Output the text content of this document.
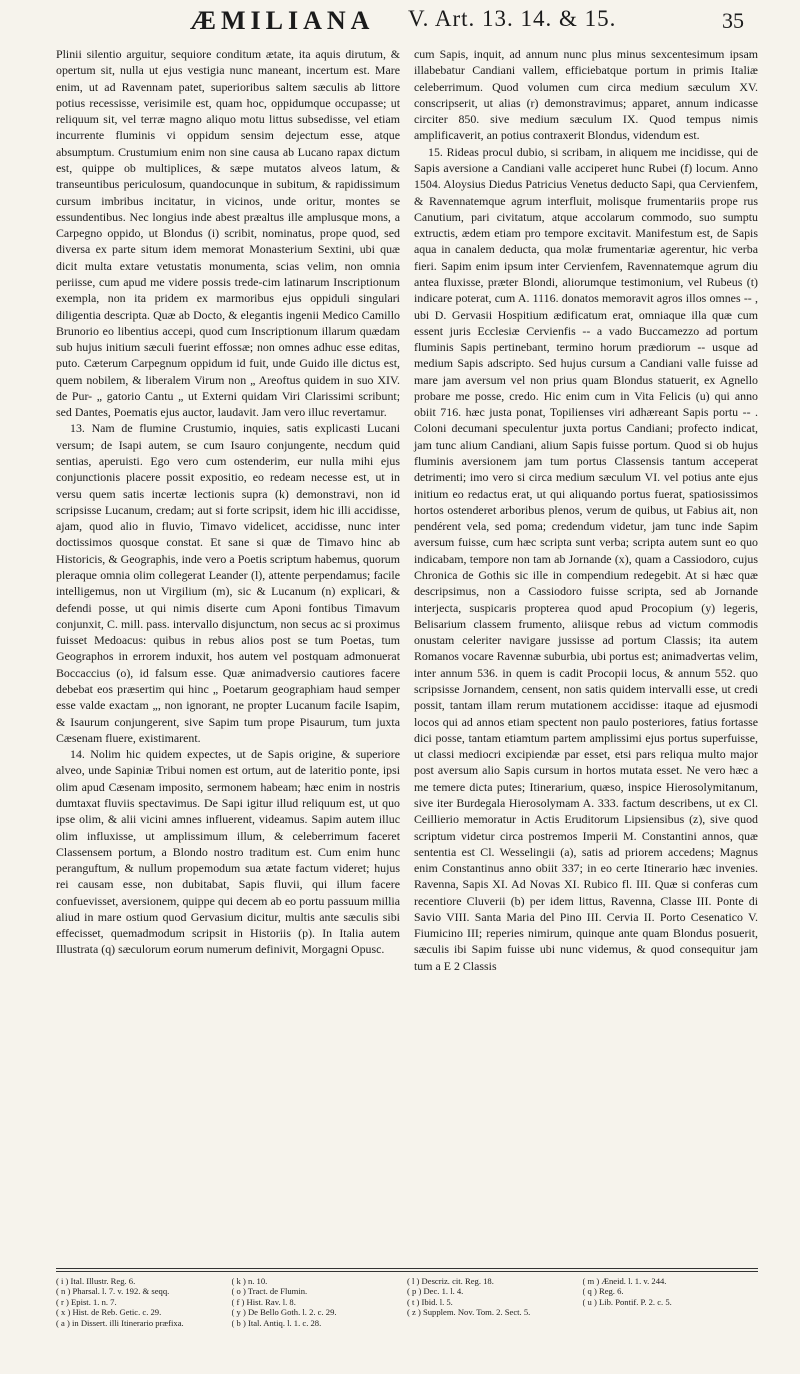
ÆMILIANA V. Art. 13. 14. & 15.	35

Plinii silentio arguitur, sequiore conditum ætate, ita aquis dirutum, & opertum sit, nulla ut ejus vestigia nunc maneant, incertum est. Mare enim, ut ad Ravennam patet, superioribus saltem sæculis ab littore potius recessisse, verisimile est, quam hoc, oppidumque occupasse; ut reliquum sit, vel terræ magno aliquo motu littus subsedisse, vel etiam incurrente fluminis vi oppidum sensim dejectum esse, atque absumptum. Crustumium enim non sine causa ab Lucano rapax dictum est, quippe ob multiplices, & sæpe mutatos alveos latum, & transeuntibus periculosum, quandocunque in subitum, & rapidissimum cursum imbribus incitatur, in vicinos, unde oritur, montes se essundentibus. Nec longius inde abest præaltus ille amplusque mons, a Carpegno oppido, ut Blondus (i) scribit, nominatus, prope quod, sed diversa ex parte situm idem memorat Monasterium Sextini, ubi quæ dicit multa extare vetustatis monumenta, scias velim, non omnia periisse, cum apud me videre possis trede-cim latinarum Inscriptionum exempla, non ita pridem ex marmoribus ejus oppiduli singulari diligentia descripta. Quæ ab Docto, & elegantis ingenii Medico Camillo Brunorio eo libentius accepi, quod cum Inscriptionum illarum quædam sub hujus initium sæculi fuerint effossæ; non omnes adhuc esse editas, puto. Cæterum Carpegnum oppidum id fuit, unde Guido ille dictus est, quem nobilem, & liberalem Virum non „ Areoftus quidem in suo XIV. de Pur- „ gatorio Cantu „ ut Externi quidam Viri Clarissimi scribunt; sed Dantes, Poematis ejus auctor, laudavit. Jam vero illuc revertamur.

13. Nam de flumine Crustumio, inquies, satis explicasti Lucani versum; de Isapi autem, se cum Isauro conjungente, necdum quid sentias, aperuisti. Ego vero cum ostenderim, eur nulla mihi ejus conjunctionis placere possit expositio, eo redeam necesse est, ut in versu quem satis incertæ lectionis supra (k) demonstravi, non id scripsisse Lucanum, credam; aut si forte scripsit, idem hic illi accidisse, ajam, quod alio in fluvio, Timavo videlicet, accidisse, nunc inter doctissimos quosque constat. Et sane si quæ de Timavo hinc ab Historicis, & Geographis, inde vero a Poetis scriptum habemus, quorum pleraque omnia olim collegerat Leander (l), attente perpendamus; facile intelligemus, non ut Virgilium (m), sic & Lucanum (n) explicari, & defendi posse, ut qui nimis diserte cum Aponi fontibus Timavum conjunxit, C. mill. pass. intervallo disjunctum, non secus ac si proximus fuisset Medoacus: quibus in rebus alios post se tum Poetas, tum Geographos in errorem induxit, hos autem vel postquam admonuerat Boccaccius (o), id falsum esse. Quæ animadversio cautiores facere debebat eos præsertim qui hinc „ Poetarum geographiam haud semper esse valde exactam „, non ignorant, ne propter Lucanum facile Isapim, & Isaurum conjungerent, sive Sapim tum prope Pisaurum, tum juxta Cæsenam fluere, existimarent.

14. Nolim hic quidem expectes, ut de Sapis origine, & superiore alveo, unde Sapiniæ Tribui nomen est ortum, aut de lateritio ponte, ipsi olim apud Cæsenam imposito, sermonem habeam; hæc enim in nostris dumtaxat fluviis spectavimus. De Sapi igitur illud reliquum est, ut quo ipse olim, & alii vicini amnes influerent, videamus. Sapim autem illuc olim influxisse, ut amplissimum illum, & celeberrimum faceret Classensem portum, a Blondo nostro traditum est. Cum enim hunc peranguftum, & nullum propemodum sua ætate factum videret; hujus rei causam esse, non dubitabat, Sapis fluvii, qui illum facere confuevisset, aversionem, quippe qui decem ab eo portu passuum millia aliud in mare ostium quod Gervasium dicitur, multis ante sæculis sibi effecisset, quemadmodum scripsit in Historiis (p). In Italia autem Illustrata (q) sæculorum eorum numerum definivit, Morgagni Opusc.

cum Sapis, inquit, ad annum nunc plus minus sexcentesimum ipsam illabebatur Candiani vallem, efficiebatque portum in primis Italiæ celeberrimum. Quod volumen cum circa medium sæculum XV. conscripserit, ut alias (r) demonstravimus; apparet, annum indicasse circiter 850. sive medium sæculum IX. Quod tempus nimis amplificaverit, an potius contraxerit Blondus, videndum est.

15. Rideas procul dubio, si scribam, in aliquem me incidisse, qui de Sapis aversione a Candiani valle acciperet hunc Rubei (f) locum. Anno 1504. Aloysius Diedus Patricius Venetus deducto Sapi, qua Cervienfem, & Ravennatemque agrum interfluit, molisque frumentariis prope rus Canutium, pari civitatum, atque accolarum commodo, suo sumptu extructis, ædem etiam pro tempore excitavit. Manifestum est, de Sapis aqua in canalem deducta, qua molæ frumentariæ agerentur, hic verba fieri. Sapim enim ipsum inter Cervienfem, Ravennatemque agrum diu antea fluxisse, præter Blondi, aliorumque testimonium, vel Rubeus (t) indicare poterat, cum A. 1116. donatos memoravit agros illos omnes -- , ubi D. Gervasii Hospitium ædificatum erat, omniaque illa quæ cum essent juris Ecclesiæ Cervienfis -- a vado Buccamezzo ad portum fluminis Sapis pertinebant, termino horum prædiorum -- usque ad medium Sapis adscripto. Sed hujus cursum a Candiani valle fuisse ad mare jam aversum vel non prius quam Blondus statuerit, ex Agnello probare me posse, credo. Hic enim cum in Vita Felicis (u) qui anno obiit 716. hæc justa ponat, Topilienses viri adhæreant Sapis portu -- . Coloni decumani speculentur juxta portus Candiani; profecto indicat, jam tunc alium Candiani, alium Sapis fuisse portum. Quod si ob hujus fluminis aversionem jam tum portus Classensis tantum acceperat detrimenti; imo vero si circa medium sæculum VI. vel potius ante ejus initium eo redactus erat, ut qui aliquando portus fuerat, spatiosissimos hortos ostenderet arboribus plenos, verum de quibus, ut Fabius ait, non pendérent vela, sed poma; credendum videtur, jam tunc inde Sapim aversum fuisse, cum hæc scripta sunt verba; scripta autem sunt eo quo indicabam, tempore non tam ab Jornande (x), quam a Cassiodoro, cujus Chronica de Gothis sic ille in compendium redegebit. At si hæc quæ descripsimus, non a Cassiodoro fuisse scripta, sed ab Jornande interjecta, suspicaris propterea quod apud Procopium (y) legeris, Belisarium classem frumento, aliisque rebus ad victum commodis onustam celeriter navigare jussisse ad portum Classis; ita autem Romanos vocare Ravennæ suburbia, ubi portus est; animadvertas velim, inter annum 536. in quem is cadit Procopii locus, & annum 552. quo scripsisse Jornandem, censent, non satis quidem intervalli esse, ut credi possit, tantam illam rerum mutationem accidisse: itaque ad ejusmodi locos qui ad annos etiam spectent non paulo posteriores, fatius fortasse dici posse, tantam etiamtum partem amplissimi ejus portus superfuisse, ut classi mediocri excipiendæ par esset, etsi pars reliqua multo major post aversum alio Sapis cursum in hortos mutata esset. Ne vero hæc a me temere dicta putes; Itinerarium, quæso, inspice Hierosolymitanum, sive iter Burdegala Hierosolymam A. 333. factum describens, ut ex Cl. Ceillierio memoratur in Actis Eruditorum Lipsiensibus (z), sive quod scriptum videtur circa postremos Imperii M. Constantini annos, quæ sententia est Cl. Wesselingii (a), satis ad priorem accedens; Magnus enim Constantinus anno obiit 337; in eo certe Itinerario hæc invenies. Ravenna, Sapis XI. Ad Novas XI. Rubico fl. III. Quæ si conferas cum recentiore Cluverii (b) per idem littus, Ravenna, Classe III. Ponte di Savio VIII. Santa Maria del Pino III. Cervia II. Porto Cesenatico V. Fiumicino III; reperies nimirum, quinque ante quam Blondus posuerit, sæculis ibi Sapim fuisse ubi nunc videmus, & quod consequitur jam tum a E 2 Classis

( i ) Ital. Illustr. Reg. 6.	( k ) n. 10.	( l ) Descriz. cit. Reg. 18.	( m ) Æneid. l. 1. v. 244.
( n ) Pharsal. l. 7. v. 192. & seqq.	( o ) Tract. de Flumin.	( p ) Dec. 1. l. 4.	( q ) Reg. 6.
( r ) Epist. 1. n. 7.	( f ) Hist. Rav. l. 8.	( t ) Ibid. l. 5.	( u ) Lib. Pontif. P. 2. c. 5.
( x ) Hist. de Reb. Getic. c. 29.	( y ) De Bello Goth. l. 2. c. 29.	( z ) Supplem. Nov. Tom. 2. Sect. 5.
( a ) in Dissert. illi Itinerario præfixa.	( b ) Ital. Antiq. l. 1. c. 28.
